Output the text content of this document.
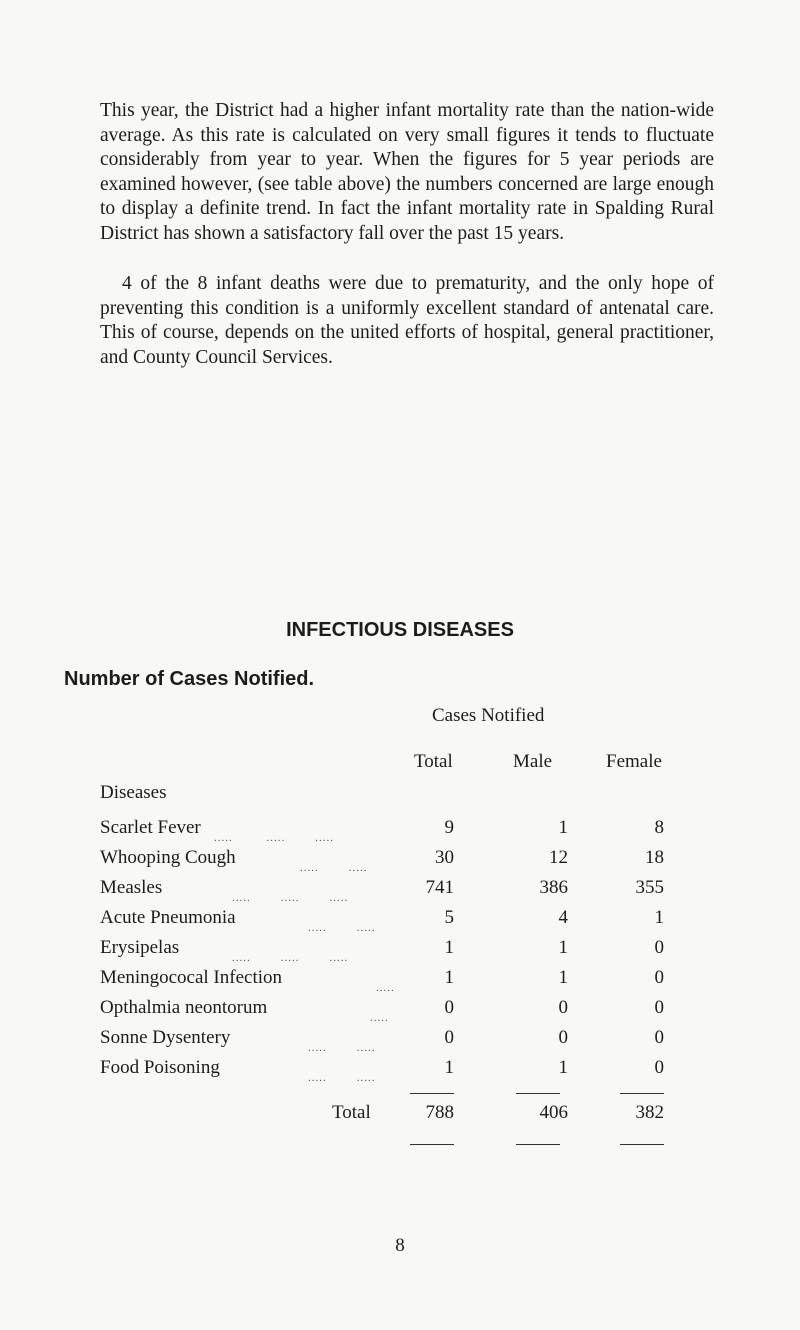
This year, the District had a higher infant mortality rate than the nation-wide average. As this rate is calculated on very small figures it tends to fluctuate considerably from year to year. When the figures for 5 year periods are examined however, (see table above) the numbers concerned are large enough to display a definite trend. In fact the infant mortality rate in Spalding Rural District has shown a satisfactory fall over the past 15 years.

4 of the 8 infant deaths were due to prematurity, and the only hope of preventing this condition is a uniformly excellent standard of antenatal care. This of course, depends on the united efforts of hospital, general practitioner, and County Council Services.

INFECTIOUS DISEASES
Number of Cases Notified.
Cases Notified
Total	Male	Female
Diseases
Scarlet Fever .....         .....        .....	9	1	8
Whooping Cough	.....        .....	30	12	18
Measles	.....        .....        .....	741	386	355
Acute Pneumonia	.....        .....	5	4	1
Erysipelas	.....        .....        .....	1	1	0
Meningococal Infection	.....	1	1	0
Opthalmia neontorum	.....	0	0	0
Sonne Dysentery	.....        .....	0	0	0
Food Poisoning	.....        .....	1	1	0
Total	788	406	382
8
